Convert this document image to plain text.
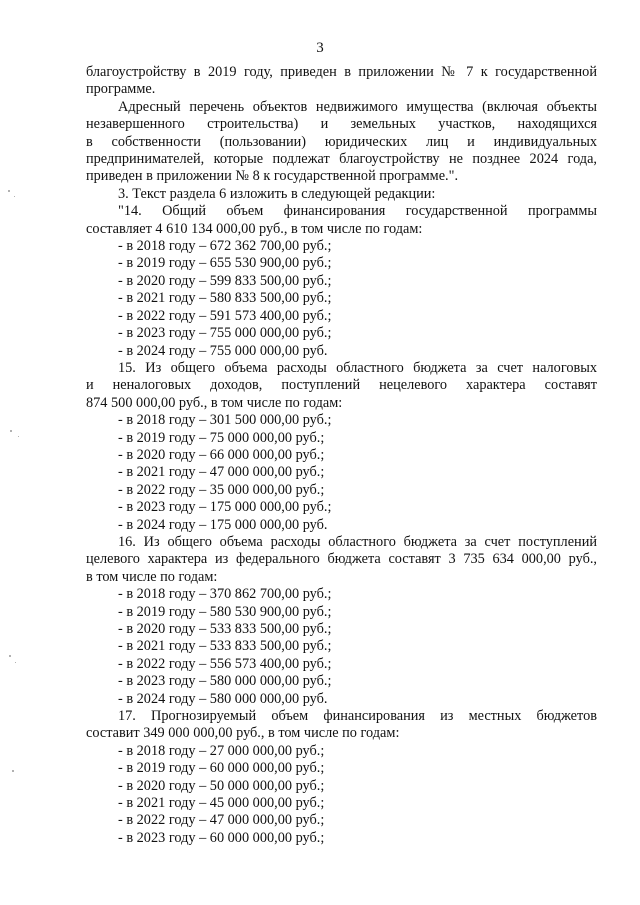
3

благоустройству в 2019 году, приведен в приложении № 7 к государственной

программе.

Адресный перечень объектов недвижимого имущества (включая объекты

незавершенного строительства) и земельных участков, находящихся

в собственности (пользовании) юридических лиц и индивидуальных

предпринимателей, которые подлежат благоустройству не позднее 2024 года,

приведен в приложении № 8 к государственной программе.".

3. Текст раздела 6 изложить в следующей редакции:

"14. Общий объем финансирования государственной программы

составляет 4 610 134 000,00 руб., в том числе по годам:

- в 2018 году – 672 362 700,00 руб.;
- в 2019 году – 655 530 900,00 руб.;
- в 2020 году – 599 833 500,00 руб.;
- в 2021 году – 580 833 500,00 руб.;
- в 2022 году – 591 573 400,00 руб.;
- в 2023 году – 755 000 000,00 руб.;
- в 2024 году – 755 000 000,00 руб.

15. Из общего объема расходы областного бюджета за счет налоговых

и неналоговых доходов, поступлений нецелевого характера составят

874 500 000,00 руб., в том числе по годам:

- в 2018 году – 301 500 000,00 руб.;
- в 2019 году – 75 000 000,00 руб.;
- в 2020 году – 66 000 000,00 руб.;
- в 2021 году – 47 000 000,00 руб.;
- в 2022 году – 35 000 000,00 руб.;
- в 2023 году – 175 000 000,00 руб.;
- в 2024 году – 175 000 000,00 руб.

16. Из общего объема расходы областного бюджета за счет поступлений

целевого характера из федерального бюджета составят 3 735 634 000,00 руб.,

в том числе по годам:

- в 2018 году – 370 862 700,00 руб.;
- в 2019 году – 580 530 900,00 руб.;
- в 2020 году – 533 833 500,00 руб.;
- в 2021 году – 533 833 500,00 руб.;
- в 2022 году – 556 573 400,00 руб.;
- в 2023 году – 580 000 000,00 руб.;
- в 2024 году – 580 000 000,00 руб.

17. Прогнозируемый объем финансирования из местных бюджетов

составит 349 000 000,00 руб., в том числе по годам:

- в 2018 году – 27 000 000,00 руб.;
- в 2019 году – 60 000 000,00 руб.;
- в 2020 году – 50 000 000,00 руб.;
- в 2021 году – 45 000 000,00 руб.;
- в 2022 году – 47 000 000,00 руб.;
- в 2023 году – 60 000 000,00 руб.;
